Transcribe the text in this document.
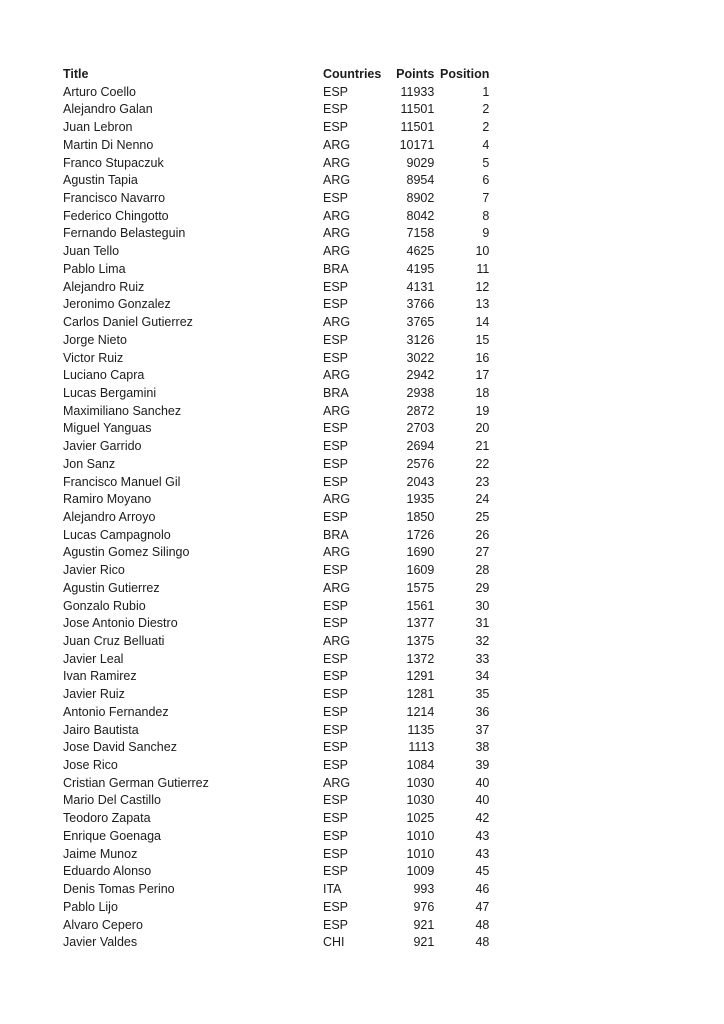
Title	Countries	Points	Position
Arturo Coello	ESP	11933	1
Alejandro Galan	ESP	11501	2
Juan Lebron	ESP	11501	2
Martin Di Nenno	ARG	10171	4
Franco Stupaczuk	ARG	9029	5
Agustin Tapia	ARG	8954	6
Francisco Navarro	ESP	8902	7
Federico Chingotto	ARG	8042	8
Fernando Belasteguin	ARG	7158	9
Juan Tello	ARG	4625	10
Pablo Lima	BRA	4195	11
Alejandro Ruiz	ESP	4131	12
Jeronimo Gonzalez	ESP	3766	13
Carlos Daniel Gutierrez	ARG	3765	14
Jorge Nieto	ESP	3126	15
Victor Ruiz	ESP	3022	16
Luciano Capra	ARG	2942	17
Lucas Bergamini	BRA	2938	18
Maximiliano Sanchez	ARG	2872	19
Miguel Yanguas	ESP	2703	20
Javier Garrido	ESP	2694	21
Jon Sanz	ESP	2576	22
Francisco Manuel Gil	ESP	2043	23
Ramiro Moyano	ARG	1935	24
Alejandro Arroyo	ESP	1850	25
Lucas Campagnolo	BRA	1726	26
Agustin Gomez Silingo	ARG	1690	27
Javier Rico	ESP	1609	28
Agustin Gutierrez	ARG	1575	29
Gonzalo Rubio	ESP	1561	30
Jose Antonio Diestro	ESP	1377	31
Juan Cruz Belluati	ARG	1375	32
Javier Leal	ESP	1372	33
Ivan Ramirez	ESP	1291	34
Javier Ruiz	ESP	1281	35
Antonio Fernandez	ESP	1214	36
Jairo Bautista	ESP	1135	37
Jose David Sanchez	ESP	1113	38
Jose Rico	ESP	1084	39
Cristian German Gutierrez	ARG	1030	40
Mario Del Castillo	ESP	1030	40
Teodoro Zapata	ESP	1025	42
Enrique Goenaga	ESP	1010	43
Jaime Munoz	ESP	1010	43
Eduardo Alonso	ESP	1009	45
Denis Tomas Perino	ITA	993	46
Pablo Lijo	ESP	976	47
Alvaro Cepero	ESP	921	48
Javier Valdes	CHI	921	48
